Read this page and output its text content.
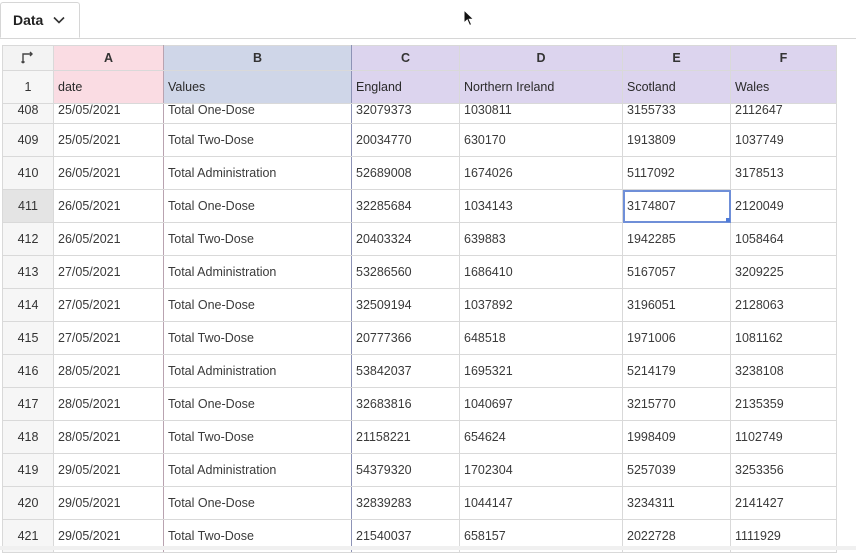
Data
	A	B	C	D	E	F
1	date	Values	England	Northern Ireland	Scotland	Wales
408	25/05/2021	Total One-Dose	32079373	1030811	3155733	2112647
409	25/05/2021	Total Two-Dose	20034770	630170	1913809	1037749
410	26/05/2021	Total Administration	52689008	1674026	5117092	3178513
411	26/05/2021	Total One-Dose	32285684	1034143	3174807	2120049
412	26/05/2021	Total Two-Dose	20403324	639883	1942285	1058464
413	27/05/2021	Total Administration	53286560	1686410	5167057	3209225
414	27/05/2021	Total One-Dose	32509194	1037892	3196051	2128063
415	27/05/2021	Total Two-Dose	20777366	648518	1971006	1081162
416	28/05/2021	Total Administration	53842037	1695321	5214179	3238108
417	28/05/2021	Total One-Dose	32683816	1040697	3215770	2135359
418	28/05/2021	Total Two-Dose	21158221	654624	1998409	1102749
419	29/05/2021	Total Administration	54379320	1702304	5257039	3253356
420	29/05/2021	Total One-Dose	32839283	1044147	3234311	2141427
421	29/05/2021	Total Two-Dose	21540037	658157	2022728	1111929
